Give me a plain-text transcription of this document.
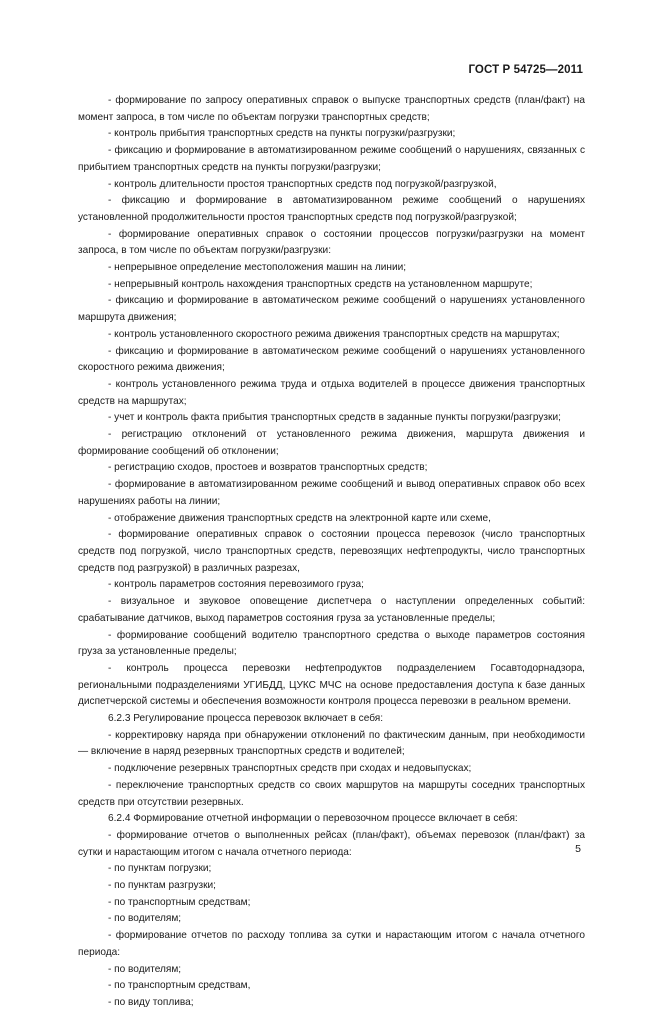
ГОСТ Р 54725—2011

- формирование по запросу оперативных справок о выпуске транспортных средств (план/факт) на момент запроса, в том числе по объектам погрузки транспортных средств;

- контроль прибытия транспортных средств на пункты погрузки/разгрузки;

- фиксацию и формирование в автоматизированном режиме сообщений о нарушениях, связанных с прибытием транспортных средств на пункты погрузки/разгрузки;

- контроль длительности простоя транспортных средств под погрузкой/разгрузкой,

- фиксацию и формирование в автоматизированном режиме сообщений о нарушениях установленной продолжительности простоя транспортных средств под погрузкой/разгрузкой;

- формирование оперативных справок о состоянии процессов погрузки/разгрузки на момент запроса, в том числе по объектам погрузки/разгрузки:

- непрерывное определение местоположения машин на линии;

- непрерывный контроль нахождения транспортных средств на установленном маршруте;

- фиксацию и формирование в автоматическом режиме сообщений о нарушениях установленного маршрута движения;

- контроль установленного скоростного режима движения транспортных средств на маршрутах;

- фиксацию и формирование в автоматическом режиме сообщений о нарушениях установленного скоростного режима движения;

- контроль установленного режима труда и отдыха водителей в процессе движения транспортных средств на маршрутах;

- учет и контроль факта прибытия транспортных средств в заданные пункты погрузки/разгрузки;

- регистрацию отклонений от установленного режима движения, маршрута движения и формирование сообщений об отклонении;

- регистрацию сходов, простоев и возвратов транспортных средств;

- формирование в автоматизированном режиме сообщений и вывод оперативных справок обо всех нарушениях работы на линии;

- отображение движения транспортных средств на электронной карте или схеме,

- формирование оперативных справок о состоянии процесса перевозок (число транспортных средств под погрузкой, число транспортных средств, перевозящих нефтепродукты, число транспортных средств под разгрузкой) в различных разрезах,

- контроль параметров состояния перевозимого груза;

- визуальное и звуковое оповещение диспетчера о наступлении определенных событий: срабатывание датчиков, выход параметров состояния груза за установленные пределы;

- формирование сообщений водителю транспортного средства о выходе параметров состояния груза за установленные пределы;

- контроль процесса перевозки нефтепродуктов подразделением Госавтодорнадзора, региональными подразделениями УГИБДД, ЦУКС МЧС на основе предоставления доступа к базе данных диспетчерской системы и обеспечения возможности контроля процесса перевозки в реальном времени.

6.2.3 Регулирование процесса перевозок включает в себя:

- корректировку наряда при обнаружении отклонений по фактическим данным, при необходимости — включение в наряд резервных транспортных средств и водителей;

- подключение резервных транспортных средств при сходах и недовыпусках;

- переключение транспортных средств со своих маршрутов на маршруты соседних транспортных средств при отсутствии резервных.

6.2.4 Формирование отчетной информации о перевозочном процессе включает в себя:

- формирование отчетов о выполненных рейсах (план/факт), объемах перевозок (план/факт) за сутки и нарастающим итогом с начала отчетного периода:

- по пунктам погрузки;

- по пунктам разгрузки;

- по транспортным средствам;

- по водителям;

- формирование отчетов по расходу топлива за сутки и нарастающим итогом с начала отчетного периода:

- по водителям;

- по транспортным средствам,

- по виду топлива;

5
